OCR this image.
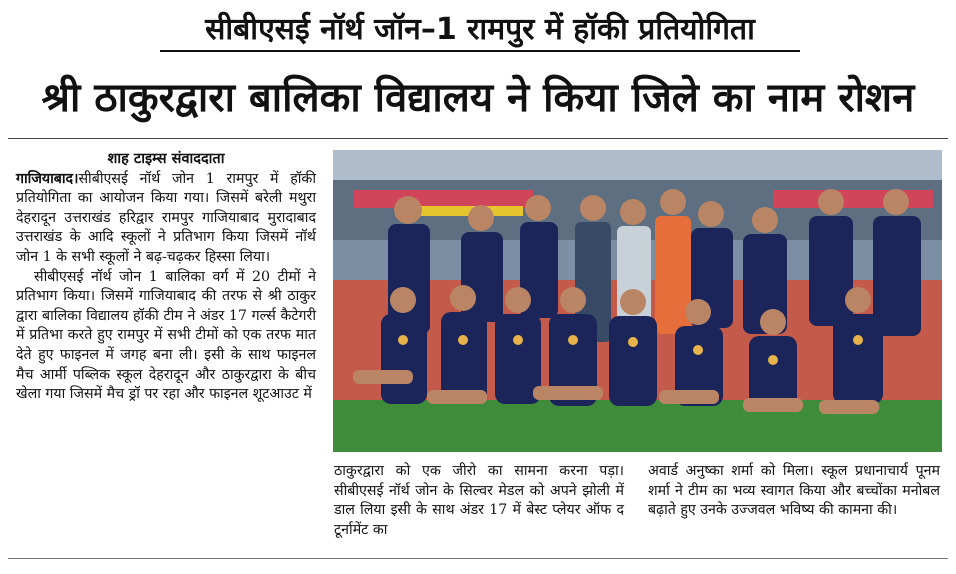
सीबीएसई नॉर्थ जॉन–1 रामपुर में हॉकी प्रतियोगिता
श्री ठाकुरद्वारा बालिका विद्यालय ने किया जिले का नाम रोशन

शाह टाइम्स संवाददाता

गाजियाबाद।सीबीएसई नॉर्थ जोन 1 रामपुर में हॉकी प्रतियोगिता का आयोजन किया गया। जिसमें बरेली मथुरा देहरादून उत्तराखंड हरिद्वार रामपुर गाजियाबाद मुरादाबाद उत्तराखंड के आदि स्कूलों ने प्रतिभाग किया जिसमें नॉर्थ जोन 1 के सभी स्कूलों ने बढ़-चढ़कर हिस्सा लिया।

सीबीएसई नॉर्थ जोन 1 बालिका वर्ग में 20 टीमों ने प्रतिभाग किया। जिसमें गाजियाबाद की तरफ से श्री ठाकुर द्वारा बालिका विद्यालय हॉकी टीम ने अंडर 17 गर्ल्स कैटेगरी में प्रतिभा करते हुए रामपुर में सभी टीमों को एक तरफ मात देते हुए फाइनल में जगह बना ली। इसी के साथ फाइनल मैच आर्मी पब्लिक स्कूल देहरादून और ठाकुरद्वारा के बीच खेला गया जिसमें मैच ड्रॉ पर रहा और फाइनल शूटआउट में

ठाकुरद्वारा को एक जीरो का सामना करना पड़ा। सीबीएसई नॉर्थ जोन के सिल्वर मेडल को अपने झोली में डाल लिया इसी के साथ अंडर 17 में बेस्ट प्लेयर ऑफ द टूर्नामेंट का

अवार्ड अनुष्का शर्मा को मिला। स्कूल प्रधानाचार्य पूनम शर्मा ने टीम का भव्य स्वागत किया और बच्चोंका मनोबल बढ़ाते हुए उनके उज्जवल भविष्य की कामना की।
